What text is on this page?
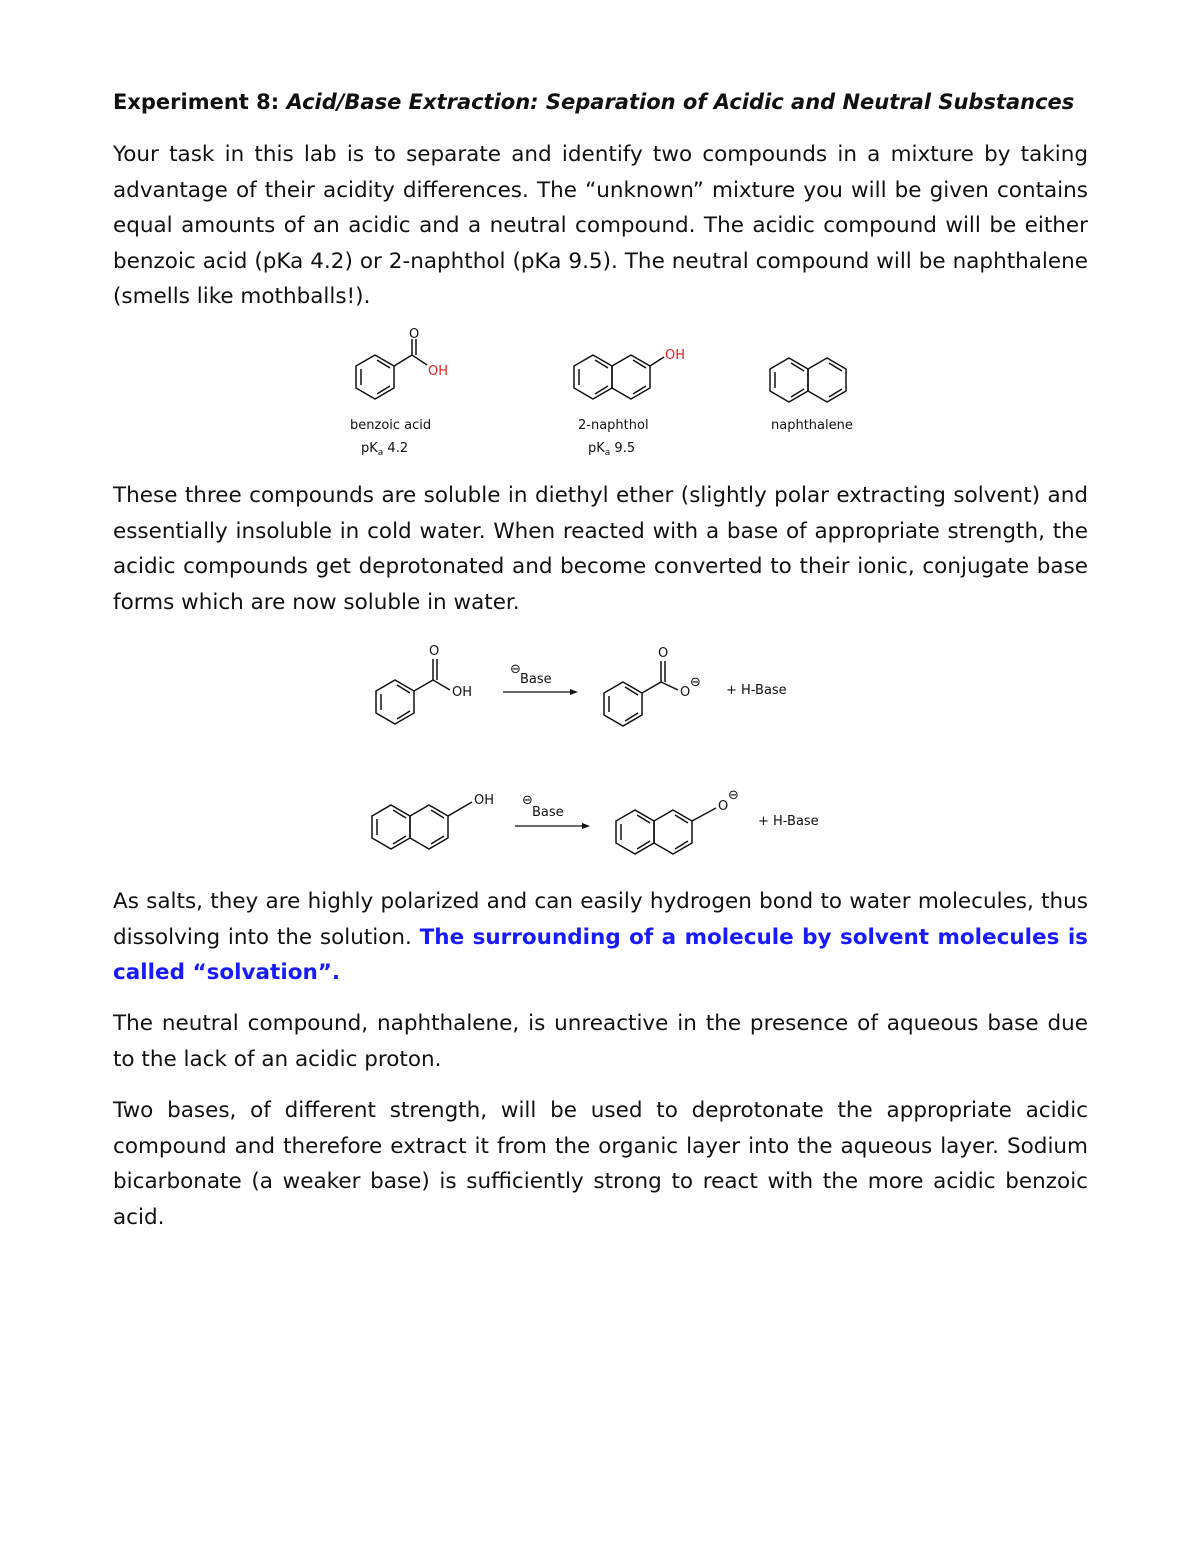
Experiment 8: Acid/Base Extraction: Separation of Acidic and Neutral Substances

Your task in this lab is to separate and identify two compounds in a mixture by taking advantage of their acidity differences. The “unknown” mixture you will be given contains equal amounts of an acidic and a neutral compound. The acidic compound will be either benzoic acid (pKa 4.2) or 2-naphthol (pKa 9.5). The neutral compound will be naphthalene (smells like mothballs!).

O
OH
benzoic acid
$pK_a$ 4.2
OH
2-naphthol
$pK_a$ 9.5
naphthalene

These three compounds are soluble in diethyl ether (slightly polar extracting solvent) and essentially insoluble in cold water. When reacted with a base of appropriate strength, the acidic compounds get deprotonated and become converted to their ionic, conjugate base forms which are now soluble in water.

O
OH
⊖
Base
O
O
⊖
+ H-Base
OH ⊖
Base	O
⊖
+ H-Base

As salts, they are highly polarized and can easily hydrogen bond to water molecules, thus dissolving into the solution. The surrounding of a molecule by solvent molecules is called “solvation”.

The neutral compound, naphthalene, is unreactive in the presence of aqueous base due to the lack of an acidic proton.

Two bases, of different strength, will be used to deprotonate the appropriate acidic compound and therefore extract it from the organic layer into the aqueous layer. Sodium bicarbonate (a weaker base) is sufficiently strong to react with the more acidic benzoic acid.
